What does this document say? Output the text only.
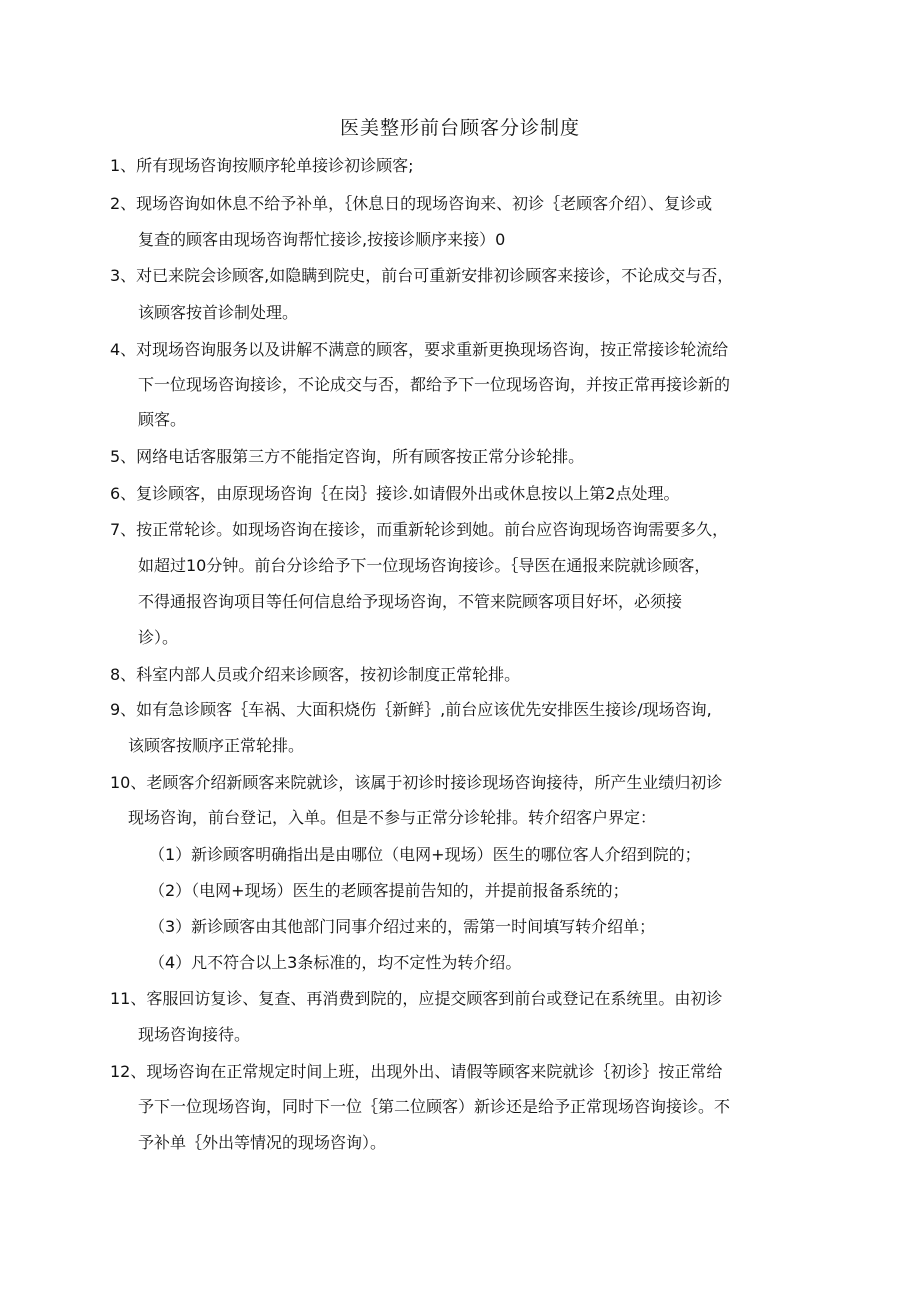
医美整形前台顾客分诊制度
1、所有现场咨询按顺序轮单接诊初诊顾客;
2、现场咨询如休息不给予补单，｛休息日的现场咨询来、初诊｛老顾客介绍）、复诊或
复查的顾客由现场咨询帮忙接诊,按接诊顺序来接）0
3、对已来院会诊顾客,如隐瞒到院史，前台可重新安排初诊顾客来接诊，不论成交与否，
该顾客按首诊制处理。
4、对现场咨询服务以及讲解不满意的顾客，要求重新更换现场咨询，按正常接诊轮流给
下一位现场咨询接诊，不论成交与否，都给予下一位现场咨询，并按正常再接诊新的
顾客。
5、网络电话客服第三方不能指定咨询，所有顾客按正常分诊轮排。
6、复诊顾客，由原现场咨询｛在岗｝接诊.如请假外出或休息按以上第2点处理。
7、按正常轮诊。如现场咨询在接诊，而重新轮诊到她。前台应咨询现场咨询需要多久，
如超过10分钟。前台分诊给予下一位现场咨询接诊。｛导医在通报来院就诊顾客，
不得通报咨询项目等任何信息给予现场咨询，不管来院顾客项目好坏，必须接
诊）。
8、科室内部人员或介绍来诊顾客，按初诊制度正常轮排。
9、如有急诊顾客｛车祸、大面积烧伤｛新鲜｝,前台应该优先安排医生接诊/现场咨询,
该顾客按顺序正常轮排。
10、老顾客介绍新顾客来院就诊，该属于初诊时接诊现场咨询接待，所产生业绩归初诊
现场咨询，前台登记，入单。但是不参与正常分诊轮排。转介绍客户界定：
（1）新诊顾客明确指出是由哪位（电网+现场）医生的哪位客人介绍到院的；
（2）（电网+现场）医生的老顾客提前告知的，并提前报备系统的；
（3）新诊顾客由其他部门同事介绍过来的，需第一时间填写转介绍单；
（4）凡不符合以上3条标准的，均不定性为转介绍。
11、客服回访复诊、复查、再消费到院的，应提交顾客到前台或登记在系统里。由初诊
现场咨询接待。
12、现场咨询在正常规定时间上班，出现外出、请假等顾客来院就诊｛初诊｝按正常给
予下一位现场咨询，同时下一位｛第二位顾客）新诊还是给予正常现场咨询接诊。不
予补单｛外出等情况的现场咨询）。
